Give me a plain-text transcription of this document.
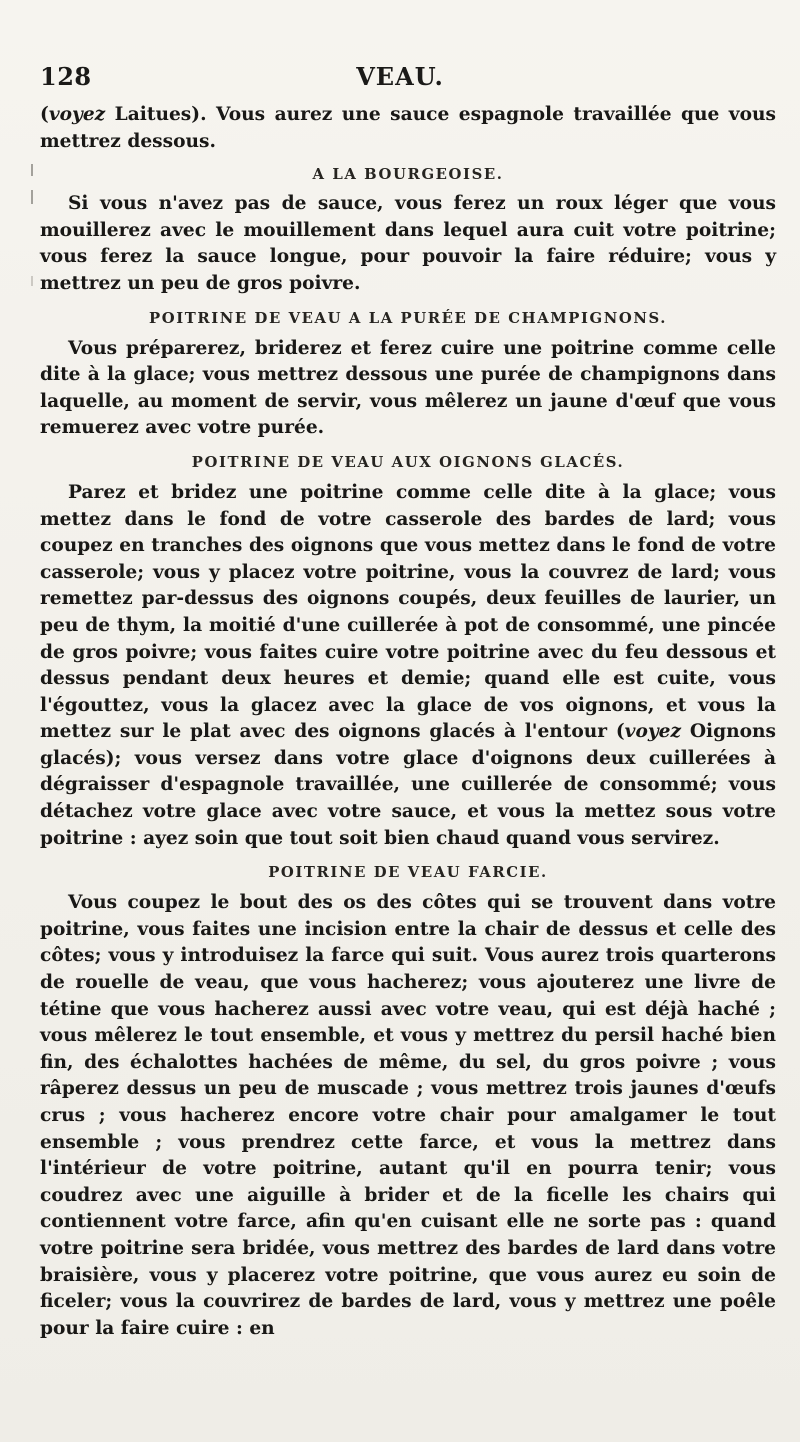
VEAU.
128

(voyez Laitues). Vous aurez une sauce espagnole travaillée que vous mettrez dessous.

A LA BOURGEOISE.

Si vous n'avez pas de sauce, vous ferez un roux léger que vous mouillerez avec le mouillement dans lequel aura cuit votre poitrine; vous ferez la sauce longue, pour pouvoir la faire réduire; vous y mettrez un peu de gros poivre.

POITRINE DE VEAU A LA PURÉE DE CHAMPIGNONS.

Vous préparerez, briderez et ferez cuire une poitrine comme celle dite à la glace; vous mettrez dessous une purée de champignons dans laquelle, au moment de servir, vous mêlerez un jaune d'œuf que vous remuerez avec votre purée.

POITRINE DE VEAU AUX OIGNONS GLACÉS.

Parez et bridez une poitrine comme celle dite à la glace; vous mettez dans le fond de votre casserole des bardes de lard; vous coupez en tranches des oignons que vous mettez dans le fond de votre casserole; vous y placez votre poitrine, vous la couvrez de lard; vous remettez par-dessus des oignons coupés, deux feuilles de laurier, un peu de thym, la moitié d'une cuillerée à pot de consommé, une pincée de gros poivre; vous faites cuire votre poitrine avec du feu dessous et dessus pendant deux heures et demie; quand elle est cuite, vous l'égouttez, vous la glacez avec la glace de vos oignons, et vous la mettez sur le plat avec des oignons glacés à l'entour (voyez Oignons glacés); vous versez dans votre glace d'oignons deux cuillerées à dégraisser d'espagnole travaillée, une cuillerée de consommé; vous détachez votre glace avec votre sauce, et vous la mettez sous votre poitrine : ayez soin que tout soit bien chaud quand vous servirez.

POITRINE DE VEAU FARCIE.

Vous coupez le bout des os des côtes qui se trouvent dans votre poitrine, vous faites une incision entre la chair de dessus et celle des côtes; vous y introduisez la farce qui suit. Vous aurez trois quarterons de rouelle de veau, que vous hacherez; vous ajouterez une livre de tétine que vous hacherez aussi avec votre veau, qui est déjà haché ; vous mêlerez le tout ensemble, et vous y mettrez du persil haché bien fin, des échalottes hachées de même, du sel, du gros poivre ; vous râperez dessus un peu de muscade ; vous mettrez trois jaunes d'œufs crus ; vous hacherez encore votre chair pour amalgamer le tout ensemble ; vous prendrez cette farce, et vous la mettrez dans l'intérieur de votre poitrine, autant qu'il en pourra tenir; vous coudrez avec une aiguille à brider et de la ficelle les chairs qui contiennent votre farce, afin qu'en cuisant elle ne sorte pas : quand votre poitrine sera bridée, vous mettrez des bardes de lard dans votre braisière, vous y placerez votre poitrine, que vous aurez eu soin de ficeler; vous la couvrirez de bardes de lard, vous y mettrez une poêle pour la faire cuire : en
